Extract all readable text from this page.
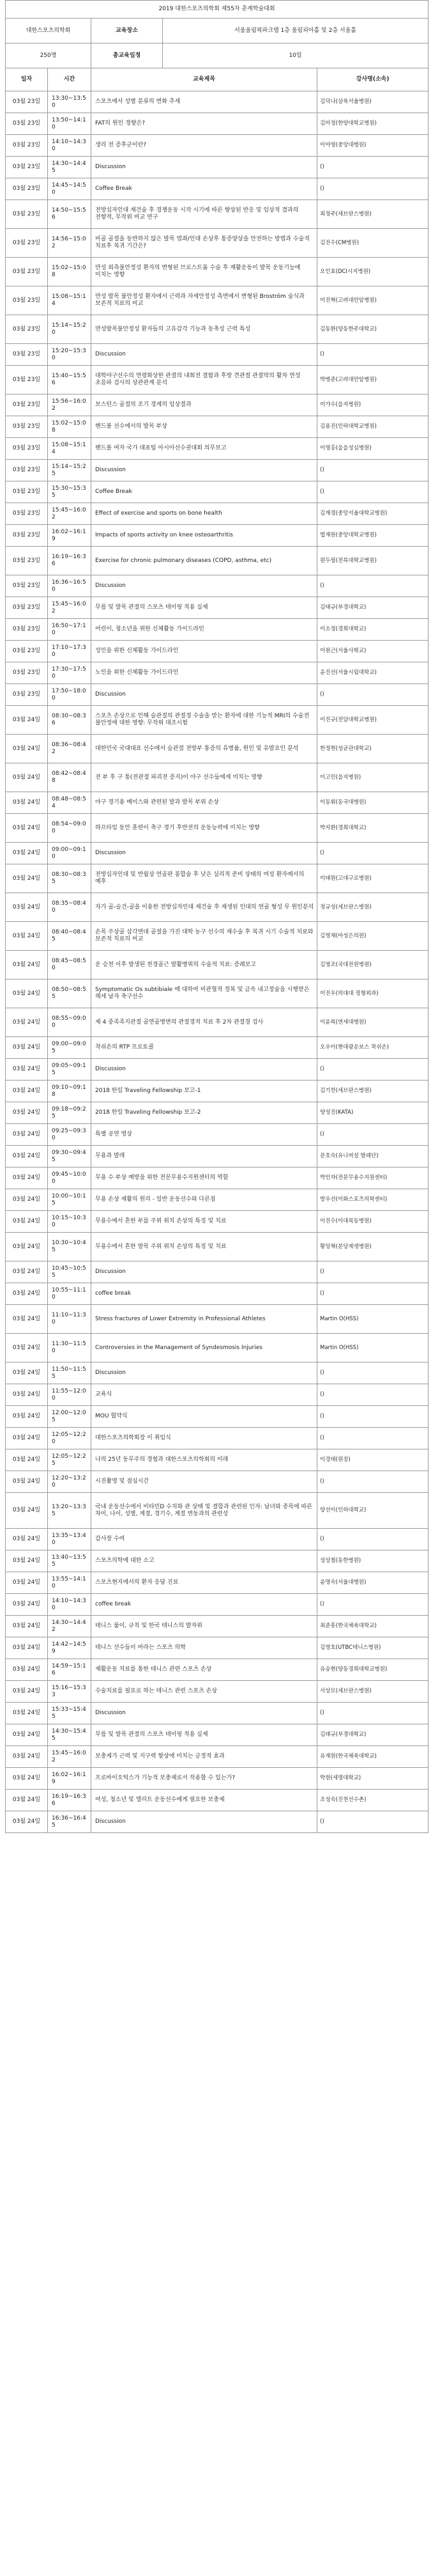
2019 대한스포츠의학회 제55차 춘계학술대회				
대한스포츠의학회		교육장소	서울올림픽파크텔 1층 올림피아홀 및 2층 서울홀	
250명		총교육일정	10일	
일자	시간	교육제목		강사명(소속)
03월 23일	13:30~13:50	스포츠에서 성별 분류의 변화 추세		김덕나(삼육서울병원)
03월 23일	13:50~14:10	FAT의 원인 경향은?		김미정(한양대학교병원)
03월 23일	14:10~14:30	생리 전 증후군이란?		이아영(중앙대병원)
03월 23일	14:30~14:45	Discussion		()
03월 23일	14:45~14:50	Coffee Break		()
03월 23일	14:50~15:56	전방십자인대 재건술 후 경쟁운동 시작 시기에 따른 향상된 반응 및 임상적 결과의 전향적, 무작위 비교 연구		최정주(세브란스병원)
03월 23일	14:56~15:02	비골 골절을 동반하지 않은 발목 염좌/인대 손상후 통증양상을 안전하는 방법과 수술적 치료후 복귀 기간은?		김진수(CM병원)
03월 23일	15:02~15:08	만성 외측불안정성 환자의 변형된 브로스트롬 수술 후 재활운동이 발목 운동기능에 미치는 영향		오인효(DCI시지병원)
03월 23일	15:08~15:14	만성 발목 불안정성 환자에서 근력과 자세안정성 측면에서 변형된 Broström 술식과 보존적 치료의 비교		이진혁(고려대안암병원)
03월 23일	15:14~15:20	만성발목불안정성 환자들의 고유감각 기능과 동축성 근력 특성		김동환(양동한주대학교)
03월 23일	15:20~15:30	Discussion		()
03월 23일	15:40~15:56	대학야구선수의 연령화상한 관절의 내회전 결함과 후방 견관절 관절막의 활차 연성 초음파 검사의 상관관계 분석		박병준(고려대안암병원)
03월 23일	15:56~16:02	보스턴스 골절의 조기 경계의 임상결과		이가수(을지병원)
03월 23일	15:02~15:08	핸드볼 선수에서의 발목 부상		김용진(인하대학교병원)
03월 23일	15:08~15:14	핸드볼 여자 국가 대표팀 아시아선수권대회 의무보고		이영홍(을을성심병원)
03월 23일	15:14~15:25	Discussion		()
03월 23일	15:30~15:35	Coffee Break		()
03월 23일	15:45~16:02	Effect of exercise and sports on bone health		김재경(중앙서울대학교병원)
03월 23일	16:02~16:19	Impacts of sports activity on knee osteoarthritis		법재원(중앙대학교병원)
03월 23일	16:19~16:36	Exercise for chronic pulmonary diseases (COPD, asthma, etc)		원두필(전북대학교병원)
03월 23일	16:36~16:50	Discussion		()
03월 23일	15:45~16:02	무릎 및 발목 관절의 스포츠 테이핑 적용 실제		김태규(부경대학교)
03월 23일	16:50~17:10	어린이, 청소년을 위한 신체활동 가이드라인		이소정(경희대학교)
03월 23일	17:10~17:30	성인을 위한 신체활동 가이드라인		이원근(서울사학교)
03월 23일	17:30~17:50	노인을 위한 신체활동 가이드라인		윤진선(서울시립대학교)
03월 23일	17:50~18:00	Discussion		()
03월 24일	08:30~08:36	스포츠 손상으로 인해 슬관절의 관절경 수술을 받는 환자에 대한 기능적 MRI의 수술전 불안정에 대한 영향: 무작위 대조시험		이진규(전담대학교병원)
03월 24일	08:36~08:42	대한민국 국대대표 선수에서 슬관절 전방부 통증의 유병률, 원인 및 유발요인 분석		한정현(성균관대학교)
03월 24일	08:42~08:48	전 부 후 구 통(전관절 파괴전 증지)이 야구 선수들에게 미치는 영향		이고민(을지병원)
03월 24일	08:48~08:54	야구 경기용 베이스와 관련된 발과 발목 부위 손상		이동휘(동국대병원)
03월 24일	08:54~09:00	하프타임 동안 훈련이 축구 경기 후반전의 운동능력에 미치는 영향		박지환(경희대학교)
03월 24일	09:00~09:10	Discussion		()
03월 24일	08:30~08:35	전방십자인대 및 반월상 연골판 봉합술 후 낮은 실리적 준비 상태의 여성 환자에서의 예후		이태원(고대구로병원)
03월 24일	08:35~08:40	자가 골-슬건-골을 이용한 전방십자인대 재건술 후 재생된 인대의 연골 형성 무 원인분석		정규성(세브란스병원)
03월 24일	08:40~08:45	손목 주상골 삼각면대 골절을 가진 대학 농구 선수의 재수술 후 복귀 시기 수술적 치료와 보존적 치료의 비교		김영재(마성은의원)
03월 24일	08:45~08:50	운 승천 이후 발생된 천경골근 발활병위의 수술적 치료: 증례보고		김영조(국대전원병원)
03월 24일	08:50~08:55	Symptomatic Os subtibiale 에 대하여 비관혈적 정복 및 금속 내고정술을 시행받은 헤세 남자 축구선수		이진우(의대대 정형외과)
03월 24일	08:55~09:00	제 4 중족족지관절 골연골병변의 관절경적 치료 후 2차 관절경 검사		이윤복(연세대병원)
03월 24일	09:00~09:05	착쉬손의 RTP 프로토콜		오우이(현대광운보스 착쉬손)
03월 24일	09:05~09:15	Discussion		()
03월 24일	09:10~09:18	2018 한일 Traveling Fellowship 보고-1		김기찬(세브란스병원)
03월 24일	09:18~09:25	2018 한일 Traveling Fellowship 보고-2		양성진(KATA)
03월 24일	09:25~09:30	특별 공연 영상		()
03월 24일	09:30~09:45	무용과 발레		문호숙(유니버설 발레단)
03월 24일	09:45~10:00	무용 수 부상 예방을 위한 전문무용수지원센터의 역할		박인자(전문무용수지원센터)
03월 24일	10:00~10:15	무용 손상 재활의 원리 - 일반 운동선수와 다른점		방우선(이화스포츠의학센터)
03월 24일	10:15~10:30	무용수에서 흔한 부를 주위 위치 손상의 특징 및 치료		이진수(이대목동병원)
03월 24일	10:30~10:45	무용수에서 흔한 발목 주위 위치 손상의 특징 및 치료		황밍혁(분당제생병원)
03월 24일	10:45~10:55	Discussion		()
03월 24일	10:55~11:10	coffee break		()
03월 24일	11:10~11:30	Stress fractures of Lower Extremity in Professional Athletes		Martin O(HSS)
03월 24일	11:30~11:50	Controversies in the Management of Syndesmosis Injuries		Martin O(HSS)
03월 24일	11:50~11:55	Discussion		()
03월 24일	11:55~12:00	교육식		()
03월 24일	12:00~12:05	MOU 협약식		()
03월 24일	12:05~12:20	대한스포츠의학회장 이 취임식		()
03월 24일	12:05~12:25	나의 25년 동무주의 경험과 대한스포츠의학회의 미래		이경태(원장)
03월 24일	12:20~13:20	시진촬영 및 점심시간		()
03월 24일	13:20~13:35	국내 운동선수에서 비타민D 수치와 관 상태 및 결합과 관련된 인자: 남녀와 종목에 따른 차이, 나이, 성별, 계절, 경기수, 계절 변동과의 관련성		양선이(인하대학교)
03월 24일	13:35~13:40	감사장 수여		()
03월 24일	13:40~13:55	스포츠의학에 대한 소고		성상철(동한병원)
03월 24일	13:55~14:10	스포츠현지에서의 환자 응답 진료		윤명숙(서울대병원)
03월 24일	14:10~14:30	coffee break		()
03월 24일	14:30~14:42	테니스 룰이, 규칙 및 한국 테니스의 발자위		최준흥(한국체육대학교)
03월 24일	14:42~14:59	테니스 선수들이 바라는 스포츠 의학		김영호(UTBC테니스병원)
03월 24일	14:59~15:16	재활운동 치료를 통한 테니스 관련 스포츠 손상		유승현(양동경희대학교병원)
03월 24일	15:16~15:33	수술치료를 필요로 하는 테니스 관련 스포츠 손상		서상모(세브란스병원)
03월 24일	15:33~15:45	Discussion		()
03월 24일	14:30~15:45	무릎 및 발목 관절의 스포츠 테이핑 적용 실제		김태규(부경대학교)
03월 24일	15:45~16:02	보충제가 근력 및 지구력 향상에 미치는 긍정적 효과		유재원(한국체육대학교)
03월 24일	16:02~16:19	프로바이오틱스가 기능적 보충제로서 작용할 수 있는가?		박원(세명대학교)
03월 24일	16:19~16:36	여성, 청소년 및 엘리트 운동선수에게 필요한 보충제		조성숙(진천선수촌)
03월 24일	16:36~16:45	Discussion		()
